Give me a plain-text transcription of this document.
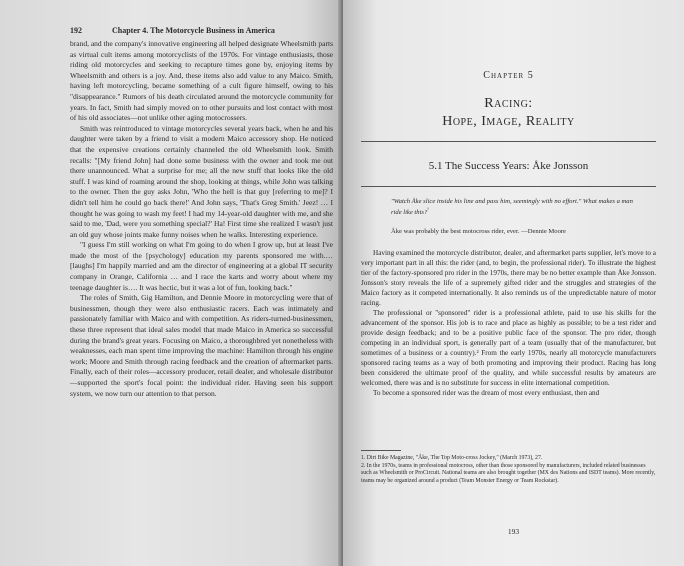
192	Chapter 4. The Motorcycle Business in America

brand, and the company's innovative engineering all helped designate Wheelsmith parts as virtual cult items among motorcyclists of the 1970s. For vintage enthusiasts, those riding old motorcycles and seeking to recapture times gone by, enjoying items by Wheelsmith and others is a joy. And, these items also add value to any Maico. Smith, having left motorcycling, became something of a cult figure himself, owing to his "disappearance." Rumors of his death circulated around the motorcycle community for years. In fact, Smith had simply moved on to other pursuits and lost contact with most of his old associates—not unlike other aging motocrossers.

Smith was reintroduced to vintage motorcycles several years back, when he and his daughter were taken by a friend to visit a modern Maico accessory shop. He noticed that the expensive creations certainly channeled the old Wheelsmith look. Smith recalls: "[My friend John] had done some business with the owner and took me out there unannounced. What a surprise for me; all the new stuff that looks like the old stuff. I was kind of roaming around the shop, looking at things, while John was talking to the owner. Then the guy asks John, 'Who the hell is that guy [referring to me]? I didn't tell him he could go back there!' And John says, 'That's Greg Smith.' Jeez! … I thought he was going to wash my feet! I had my 14-year-old daughter with me, and she said to me, 'Dad, were you something special?' Ha! First time she realized I wasn't just an old guy whose joints make funny noises when he walks. Interesting experience.

"I guess I'm still working on what I'm going to do when I grow up, but at least I've made the most of the [psychology] education my parents sponsored me with.… [laughs] I'm happily married and am the director of engineering at a global IT security company in Orange, California … and I race the karts and worry about where my teenage daughter is…. It was hectic, but it was a lot of fun, looking back."

The roles of Smith, Gig Hamilton, and Dennie Moore in motorcycling were that of businessmen, though they were also enthusiastic racers. Each was intimately and passionately familiar with Maico and with competition. As riders-turned-businessmen, these three represent that ideal sales model that made Maico in America so successful during the brand's great years. Focusing on Maico, a thoroughbred yet nonetheless with weaknesses, each man spent time improving the machine: Hamilton through his engine work; Moore and Smith through racing feedback and the creation of aftermarket parts. Finally, each of their roles—accessory producer, retail dealer, and wholesale distributor—supported the sport's focal point: the individual rider. Having seen his support system, we now turn our attention to that person.

Chapter 5
Racing:
Hope, Image, Reality
5.1 The Success Years: Åke Jonsson
"Watch Åke slice inside his line and pass him, seemingly with no effort." What makes a man ride like this?$^{^1}$
Åke was probably the best motocross rider, ever. —Dennie Moore

Having examined the motorcycle distributor, dealer, and aftermarket parts supplier, let's move to a very important part in all this: the rider (and, to begin, the professional rider). To illustrate the highest tier of the factory-sponsored pro rider in the 1970s, there may be no better example than Åke Jonsson. Jonsson's story reveals the life of a supremely gifted rider and the struggles and strategies of the Maico factory as it competed internationally. It also reminds us of the unpredictable nature of motor racing.

The professional or "sponsored" rider is a professional athlete, paid to use his skills for the advancement of the sponsor. His job is to race and place as highly as possible; to be a test rider and provide design feedback; and to be a positive public face of the sponsor. The pro rider, though competing in an individual sport, is generally part of a team (usually that of the manufacturer, but sometimes of a business or a country).² From the early 1970s, nearly all motorcycle manufacturers sponsored racing teams as a way of both promoting and improving their product. Racing has long been considered the ultimate proof of the quality, and while successful results by amateurs are welcomed, there was and is no substitute for success in elite international competition.

To become a sponsored rider was the dream of most every enthusiast, then and

1. Dirt Bike Magazine, "Åke, The Top Moto-cross Jockey," (March 1973), 27.
2. In the 1970s, teams in professional motocross, other than those sponsored by manufacturers, included related businesses such as Wheelsmith or ProCircuit. National teams are also brought together (MX des Nations and ISDT teams). More recently, teams may be organized around a product (Team Monster Energy or Team Rockstar).
193
